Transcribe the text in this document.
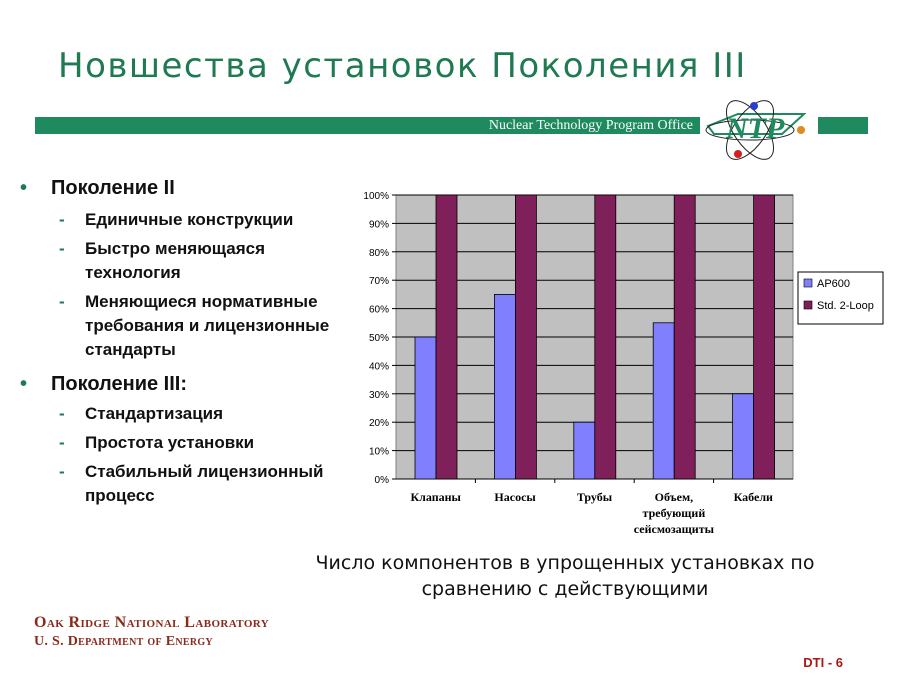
Новшества установок Поколения III
Nuclear Technology Program Office NTP
• Поколение II
- Единичные конструкции
- Быстро меняющаяся технология
- Меняющиеся нормативные требования и лицензионные стандарты
• Поколение III:
- Стандартизация
- Простота установки
- Стабильный лицензионный процесс
0%
10%
20%
30%
40%
50%
60%
70%
80%
90%
100%
Клапаны	Насосы	Трубы	Объем, требующий сейсмозащиты
Кабели
AP600
Std. 2-Loop
Число компонентов в упрощенных установках по сравнению с действующими
Oak Ridge National Laboratory
U. S. Department of Energy
DTI - 6
